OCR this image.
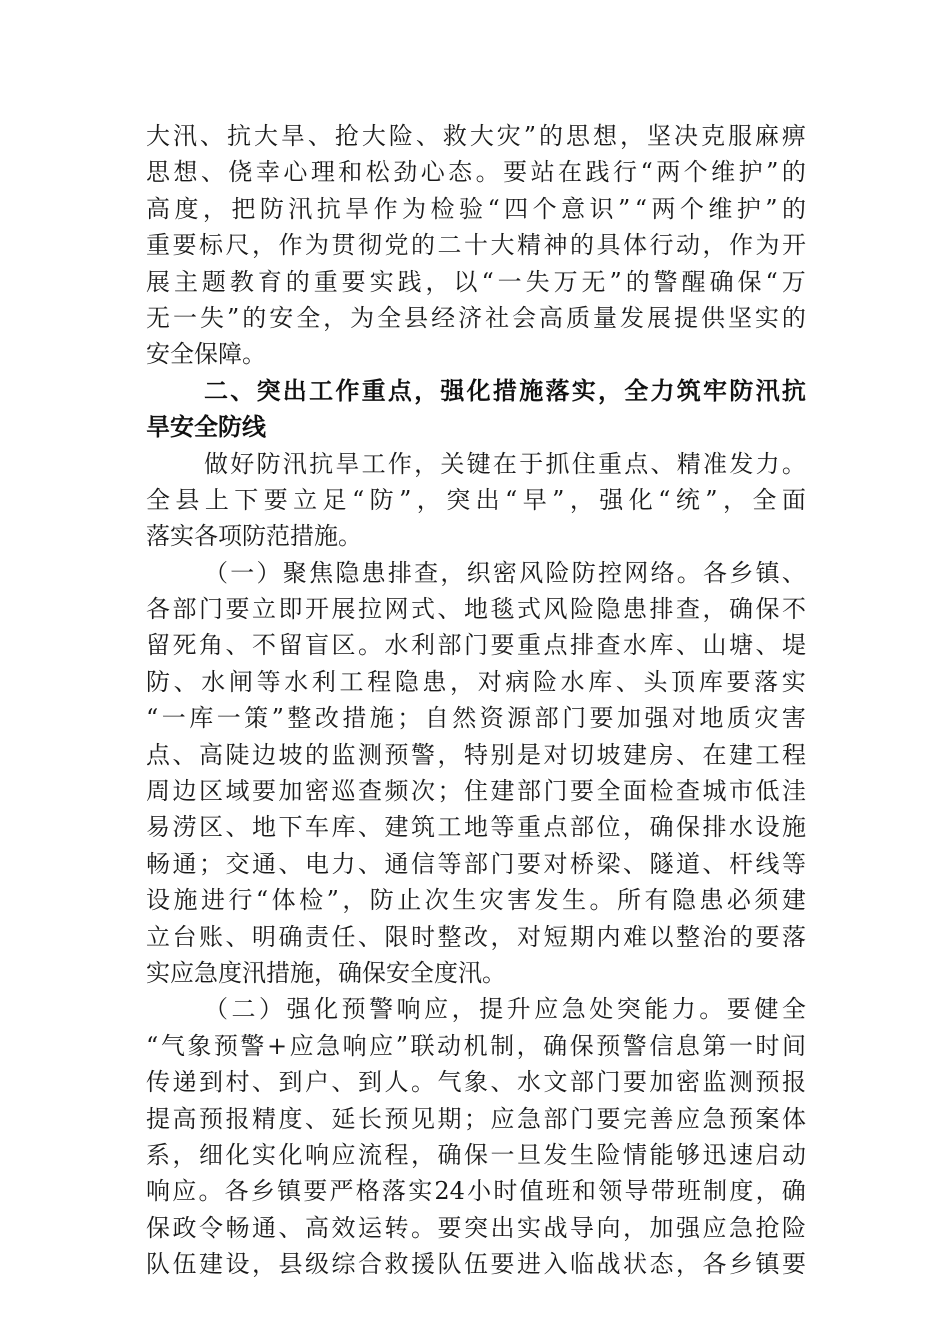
大 汛 、 抗 大 旱 、 抢 大 险 、 救 大 灾 ” 的 思 想 ， 坚 决 克 服 麻 痹
思 想 、 侥 幸 心 理 和 松 劲 心 态 。 要 站 在 践 行 “ 两 个 维 护 ” 的
高 度 ， 把 防 汛 抗 旱 作 为 检 验 “ 四 个 意 识 ” “ 两 个 维 护 ” 的
重 要 标 尺 ， 作 为 贯 彻 党 的 二 十 大 精 神 的 具 体 行 动 ， 作 为 开
展 主 题 教 育 的 重 要 实 践 ， 以 “ 一 失 万 无 ” 的 警 醒 确 保 “ 万
无 一 失 ” 的 安 全 ， 为 全 县 经 济 社 会 高 质 量 发 展 提 供 坚 实 的
安全保障。
二 、 突 出 工 作 重 点 ， 强 化 措 施 落 实 ， 全 力 筑 牢 防 汛 抗
旱安全防线
做 好 防 汛 抗 旱 工 作 ， 关 键 在 于 抓 住 重 点 、 精 准 发 力 。
全 县 上 下 要 立 足 “ 防 ” ， 突 出 “ 早 ” ， 强 化 “ 统 ” ， 全 面
落实各项防范措施。
（ 一 ） 聚 焦 隐 患 排 查 ， 织 密 风 险 防 控 网 络 。 各 乡 镇 、
各 部 门 要 立 即 开 展 拉 网 式 、 地 毯 式 风 险 隐 患 排 查 ， 确 保 不
留 死 角 、 不 留 盲 区 。 水 利 部 门 要 重 点 排 查 水 库 、 山 塘 、 堤
防 、 水 闸 等 水 利 工 程 隐 患 ， 对 病 险 水 库 、 头 顶 库 要 落 实
“ 一 库 一 策 ” 整 改 措 施 ； 自 然 资 源 部 门 要 加 强 对 地 质 灾 害
点 、 高 陡 边 坡 的 监 测 预 警 ， 特 别 是 对 切 坡 建 房 、 在 建 工 程
周 边 区 域 要 加 密 巡 查 频 次 ； 住 建 部 门 要 全 面 检 查 城 市 低 洼
易 涝 区 、 地 下 车 库 、 建 筑 工 地 等 重 点 部 位 ， 确 保 排 水 设 施
畅 通 ； 交 通 、 电 力 、 通 信 等 部 门 要 对 桥 梁 、 隧 道 、 杆 线 等
设 施 进 行 “ 体 检 ” ， 防 止 次 生 灾 害 发 生 。 所 有 隐 患 必 须 建
立 台 账 、 明 确 责 任 、 限 时 整 改 ， 对 短 期 内 难 以 整 治 的 要 落
实应急度汛措施，确保安全度汛。
（ 二 ） 强 化 预 警 响 应 ， 提 升 应 急 处 突 能 力 。 要 健 全
“ 气 象 预 警 + 应 急 响 应 ” 联 动 机 制 ， 确 保 预 警 信 息 第 一 时 间
传 递 到 村 、 到 户 、 到 人 。 气 象 、 水 文 部 门 要 加 密 监 测 预 报
提 高 预 报 精 度 、 延 长 预 见 期 ； 应 急 部 门 要 完 善 应 急 预 案 体
系 ， 细 化 实 化 响 应 流 程 ， 确 保 一 旦 发 生 险 情 能 够 迅 速 启 动
响 应 。 各 乡 镇 要 严 格 落 实 24 小 时 值 班 和 领 导 带 班 制 度 ， 确
保 政 令 畅 通 、 高 效 运 转 。 要 突 出 实 战 导 向 ， 加 强 应 急 抢 险
队 伍 建 设 ， 县 级 综 合 救 援 队 伍 要 进 入 临 战 状 态 ， 各 乡 镇 要
